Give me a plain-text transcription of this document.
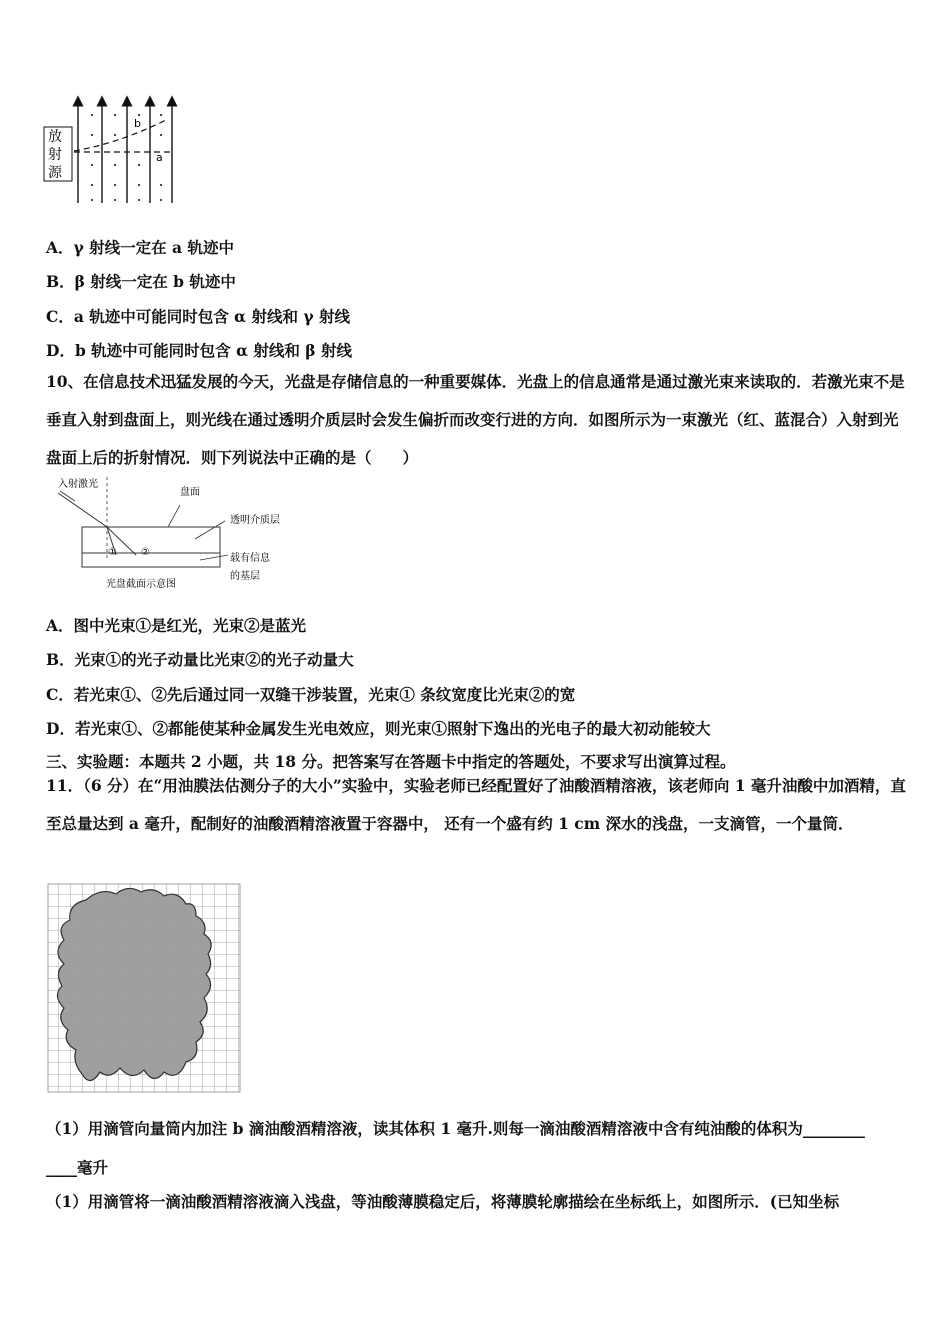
b
a
放
射
源
A．γ 射线一定在 a 轨迹中
B．β 射线一定在 b 轨迹中
C．a 轨迹中可能同时包含 α 射线和 γ 射线
D．b 轨迹中可能同时包含 α 射线和 β 射线
10、在信息技术迅猛发展的今天，光盘是存储信息的一种重要媒体．光盘上的信息通常是通过激光束来读取的．若激光束不是垂直入射到盘面上，则光线在通过透明介质层时会发生偏折而改变行进的方向．如图所示为一束激光（红、蓝混合）入射到光盘面上后的折射情况．则下列说法中正确的是（　　）
入射激光
盘面
透明介质层
① ②
载有信息
的基层
光盘截面示意图
A．图中光束①是红光，光束②是蓝光
B．光束①的光子动量比光束②的光子动量大
C．若光束①、②先后通过同一双缝干涉装置，光束① 条纹宽度比光束②的宽
D．若光束①、②都能使某种金属发生光电效应，则光束①照射下逸出的光电子的最大初动能较大
三、实验题：本题共 2 小题，共 18 分。把答案写在答题卡中指定的答题处，不要求写出演算过程。
11．（6 分）在“用油膜法估测分子的大小”实验中，实验老师已经配置好了油酸酒精溶液，该老师向 1 毫升油酸中加酒精，直至总量达到 a 毫升，配制好的油酸酒精溶液置于容器中， 还有一个盛有约 1 cm 深水的浅盘，一支滴管，一个量筒．
（1）用滴管向量筒内加注 b 滴油酸酒精溶液，读其体积 1 毫升.则每一滴油酸酒精溶液中含有纯油酸的体积为________
____毫升
（1）用滴管将一滴油酸酒精溶液滴入浅盘，等油酸薄膜稳定后，将薄膜轮廓描绘在坐标纸上，如图所示．(已知坐标
